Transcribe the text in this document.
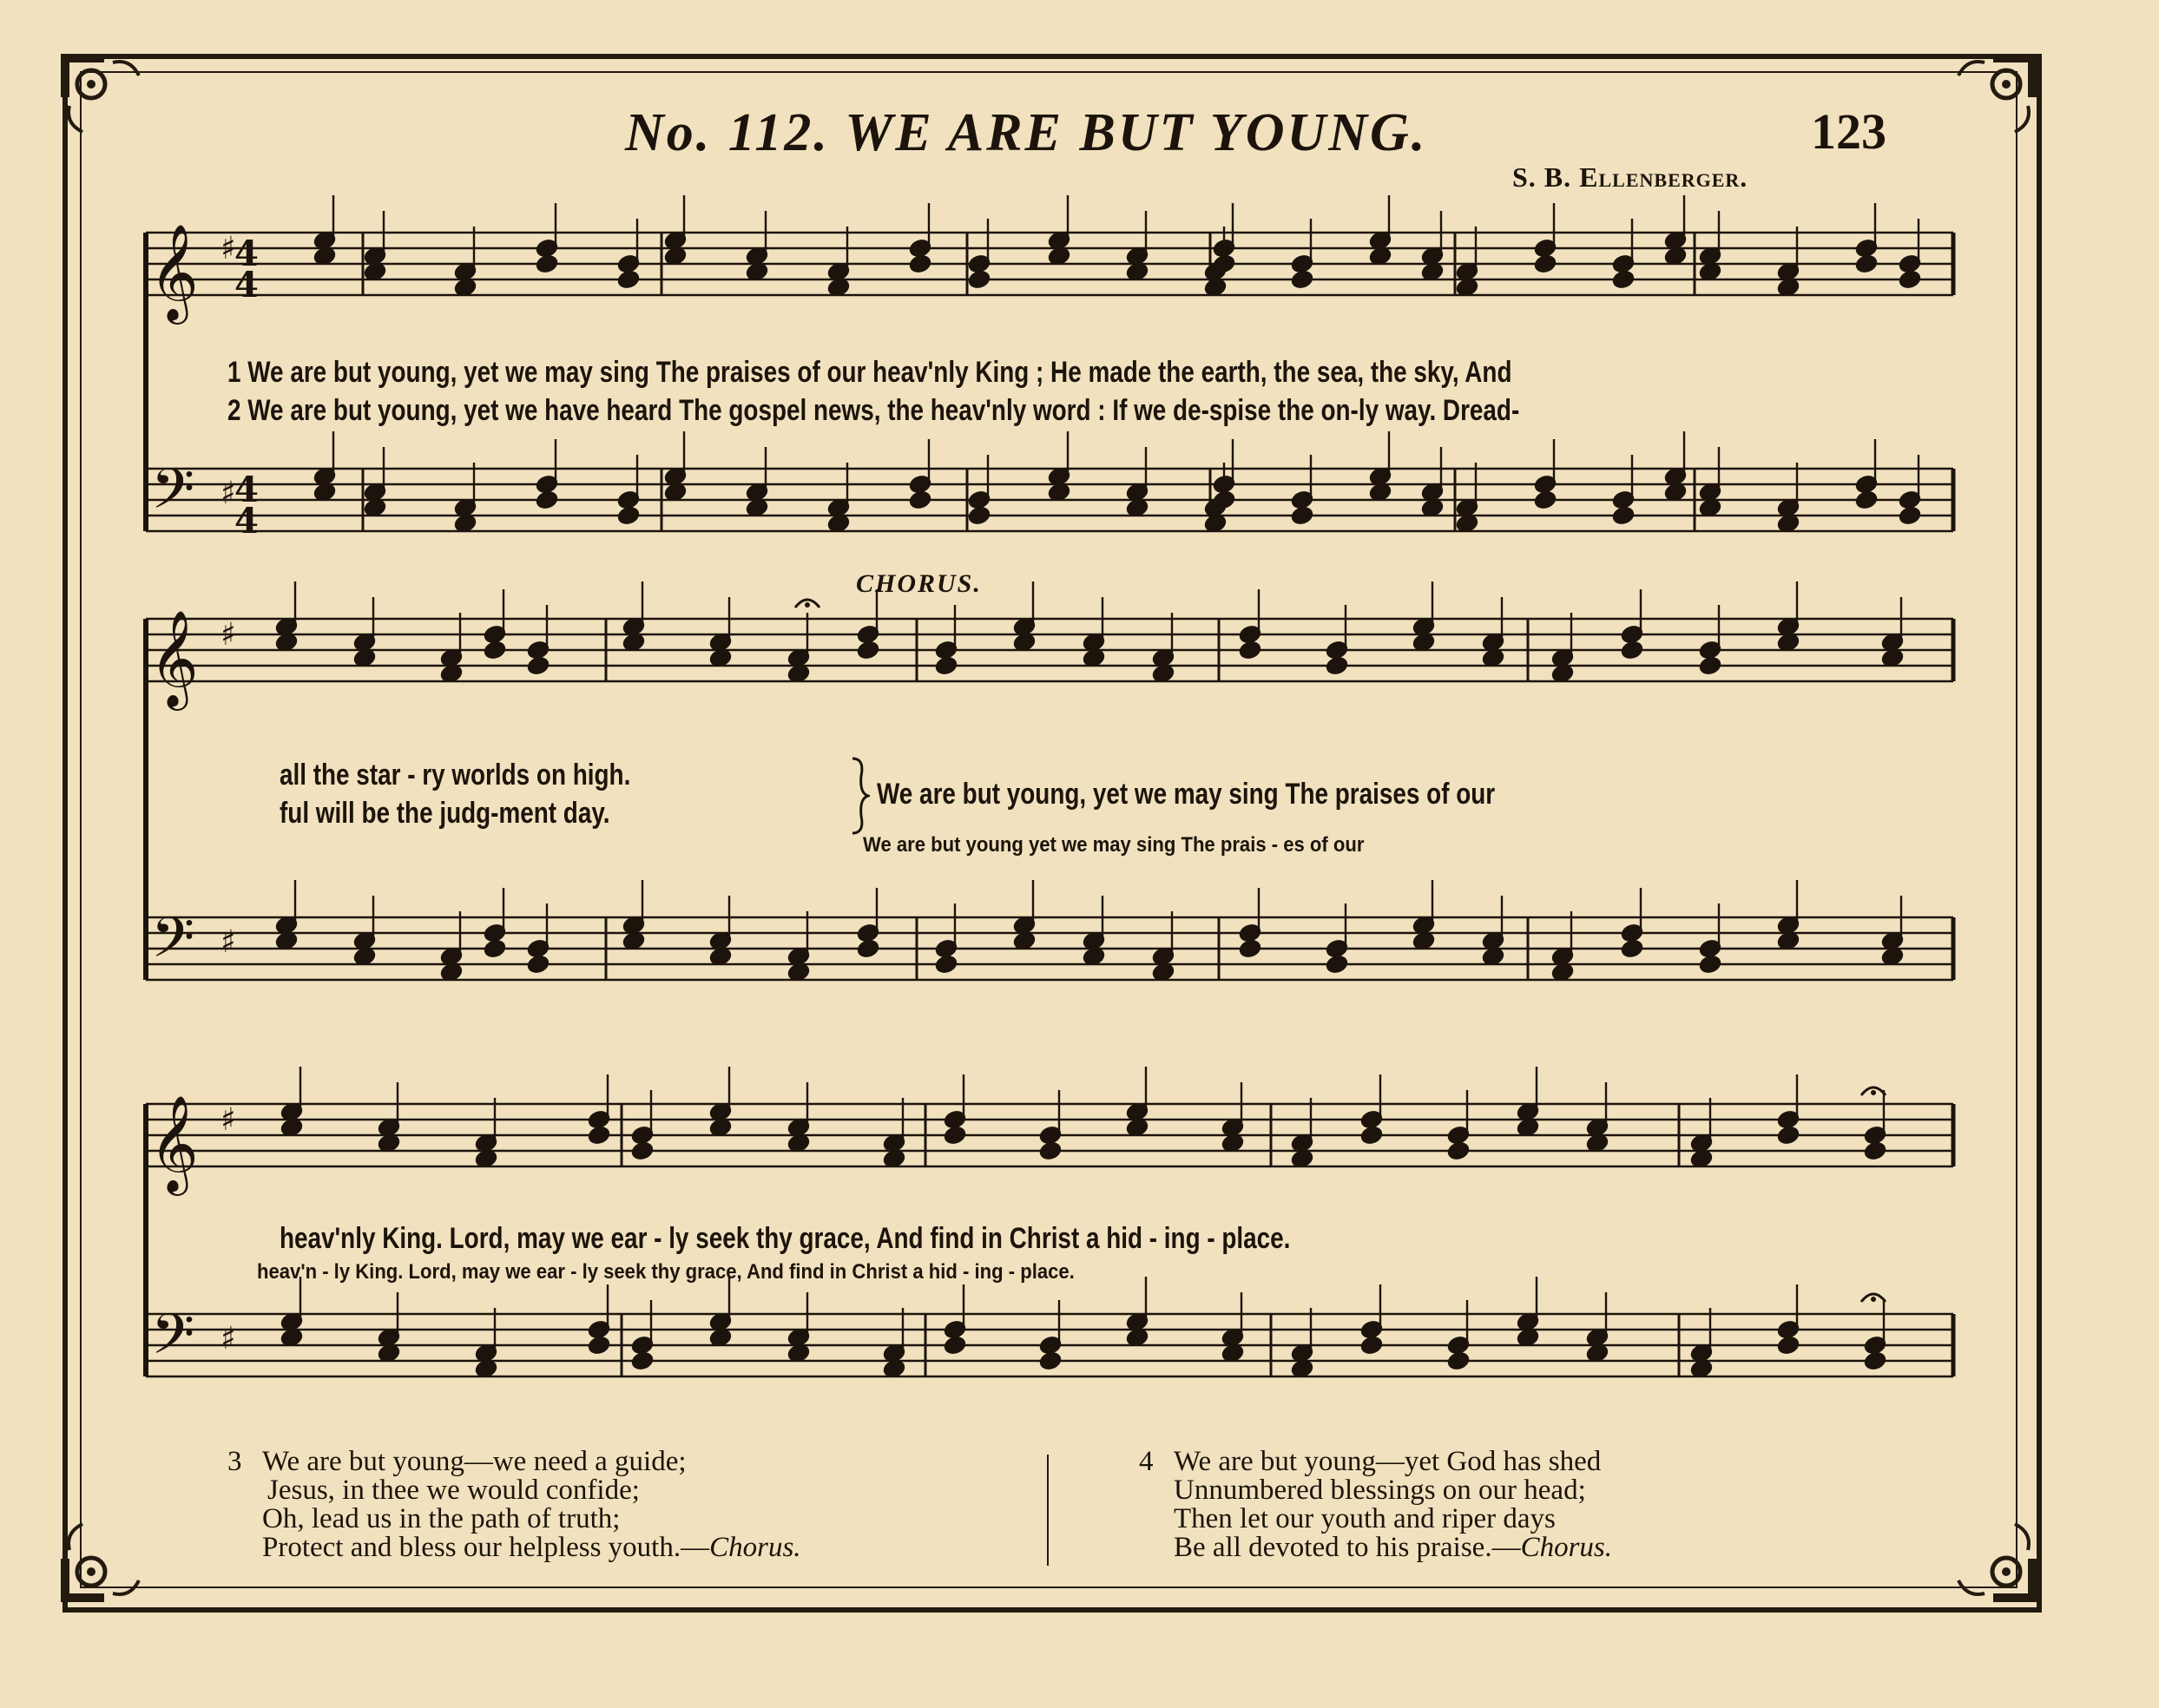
No. 112. WE ARE BUT YOUNG.	123
S. B. Ellenberger.
𝄞
𝄢
♯
♯
4
4
4
4
𝄞
𝄢
♯
♯
𝄞
𝄢
♯
♯
1 We are but young, yet we may sing The praises of our heav'nly King ; He made the earth, the sea, the sky, And
2 We are but young, yet we have heard The gospel news, the heav'nly word : If we de-spise the on-ly way. Dread-
CHORUS.
all the star - ry worlds on high.
ful will be the judg-ment day.
We are but young, yet we may sing The praises of our
We are but young yet we may sing The prais - es of our
heav'nly King. Lord, may we ear - ly seek thy grace, And find in Christ a hid - ing - place.
heav'n - ly King. Lord, may we ear - ly seek thy grace, And find in Christ a hid - ing - place.
3 We are but young—we need a guide;
Jesus, in thee we would confide;
Oh, lead us in the path of truth;
Protect and bless our helpless youth.—Chorus.
4 We are but young—yet God has shed
Unnumbered blessings on our head;
Then let our youth and riper days
Be all devoted to his praise.—Chorus.
